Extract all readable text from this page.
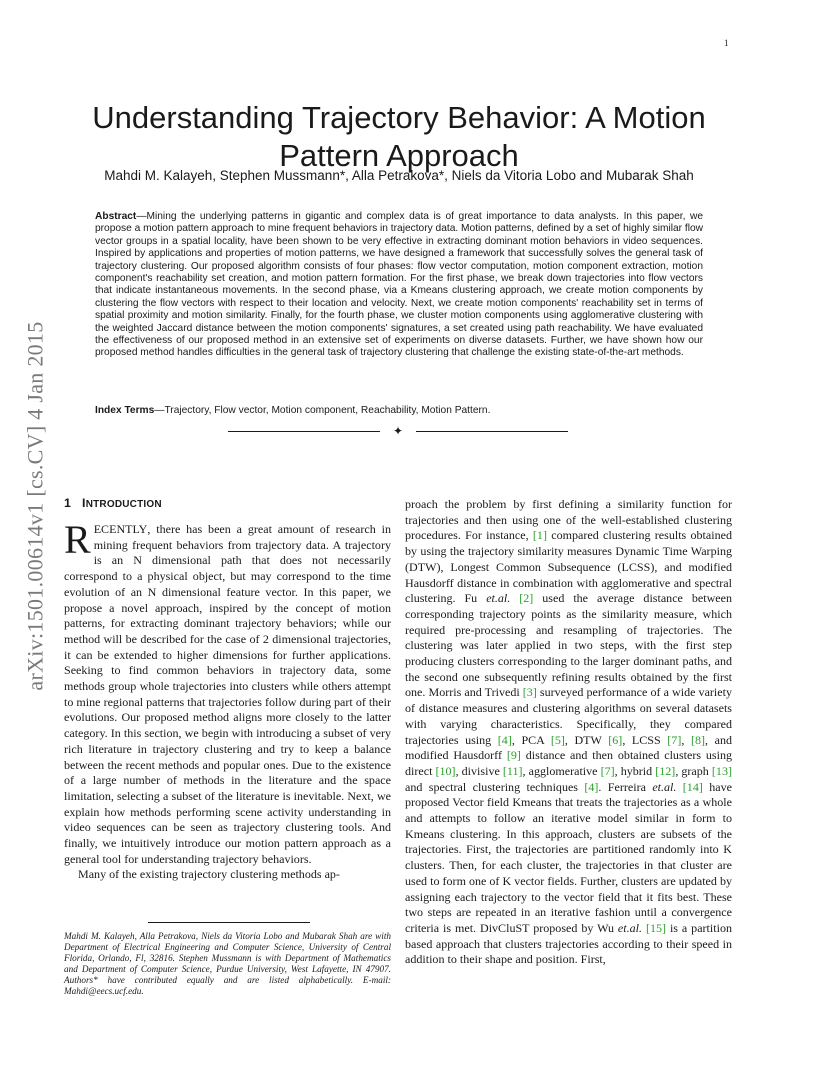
1
arXiv:1501.00614v1 [cs.CV] 4 Jan 2015
Understanding Trajectory Behavior: A Motion Pattern Approach
Mahdi M. Kalayeh, Stephen Mussmann*, Alla Petrakova*, Niels da Vitoria Lobo and Mubarak Shah
Abstract—Mining the underlying patterns in gigantic and complex data is of great importance to data analysts. In this paper, we propose a motion pattern approach to mine frequent behaviors in trajectory data. Motion patterns, defined by a set of highly similar flow vector groups in a spatial locality, have been shown to be very effective in extracting dominant motion behaviors in video sequences. Inspired by applications and properties of motion patterns, we have designed a framework that successfully solves the general task of trajectory clustering. Our proposed algorithm consists of four phases: flow vector computation, motion component extraction, motion component's reachability set creation, and motion pattern formation. For the first phase, we break down trajectories into flow vectors that indicate instantaneous movements. In the second phase, via a Kmeans clustering approach, we create motion components by clustering the flow vectors with respect to their location and velocity. Next, we create motion components' reachability set in terms of spatial proximity and motion similarity. Finally, for the fourth phase, we cluster motion components using agglomerative clustering with the weighted Jaccard distance between the motion components' signatures, a set created using path reachability. We have evaluated the effectiveness of our proposed method in an extensive set of experiments on diverse datasets. Further, we have shown how our proposed method handles difficulties in the general task of trajectory clustering that challenge the existing state-of-the-art methods.
Index Terms—Trajectory, Flow vector, Motion component, Reachability, Motion Pattern.
✦
1 INTRODUCTION

RECENTLY, there has been a great amount of research in mining frequent behaviors from trajectory data. A trajectory is an N dimensional path that does not necessarily correspond to a physical object, but may correspond to the time evolution of an N dimensional feature vector. In this paper, we propose a novel approach, inspired by the concept of motion patterns, for extracting dominant trajectory behaviors; while our method will be described for the case of 2 dimensional trajectories, it can be extended to higher dimensions for further applications. Seeking to find common behaviors in trajectory data, some methods group whole trajectories into clusters while others attempt to mine regional patterns that trajectories follow during part of their evolutions. Our proposed method aligns more closely to the latter category. In this section, we begin with introducing a subset of very rich literature in trajectory clustering and try to keep a balance between the recent methods and popular ones. Due to the existence of a large number of methods in the literature and the space limitation, selecting a subset of the literature is inevitable. Next, we explain how methods performing scene activity understanding in video sequences can be seen as trajectory clustering tools. And finally, we intuitively introduce our motion pattern approach as a general tool for understanding trajectory behaviors.

Many of the existing trajectory clustering methods ap-

proach the problem by first defining a similarity function for trajectories and then using one of the well-established clustering procedures. For instance, [1] compared clustering results obtained by using the trajectory similarity measures Dynamic Time Warping (DTW), Longest Common Subsequence (LCSS), and modified Hausdorff distance in combination with agglomerative and spectral clustering. Fu et.al. [2] used the average distance between corresponding trajectory points as the similarity measure, which required pre-processing and resampling of trajectories. The clustering was later applied in two steps, with the first step producing clusters corresponding to the larger dominant paths, and the second one subsequently refining results obtained by the first one. Morris and Trivedi [3] surveyed performance of a wide variety of distance measures and clustering algorithms on several datasets with varying characteristics. Specifically, they compared trajectories using [4], PCA [5], DTW [6], LCSS [7], [8], and modified Hausdorff [9] distance and then obtained clusters using direct [10], divisive [11], agglomerative [7], hybrid [12], graph [13] and spectral clustering techniques [4]. Ferreira et.al. [14] have proposed Vector field Kmeans that treats the trajectories as a whole and attempts to follow an iterative model similar in form to Kmeans clustering. In this approach, clusters are subsets of the trajectories. First, the trajectories are partitioned randomly into K clusters. Then, for each cluster, the trajectories in that cluster are used to form one of K vector fields. Further, clusters are updated by assigning each trajectory to the vector field that it fits best. These two steps are repeated in an iterative fashion until a convergence criteria is met. DivCluST proposed by Wu et.al. [15] is a partition based approach that clusters trajectories according to their speed in addition to their shape and position. First,

Mahdi M. Kalayeh, Alla Petrakova, Niels da Vitoria Lobo and Mubarak Shah are with Department of Electrical Engineering and Computer Science, University of Central Florida, Orlando, Fl, 32816. Stephen Mussmann is with Department of Mathematics and Department of Computer Science, Purdue University, West Lafayette, IN 47907. Authors* have contributed equally and are listed alphabetically. E-mail: Mahdi@eecs.ucf.edu.
